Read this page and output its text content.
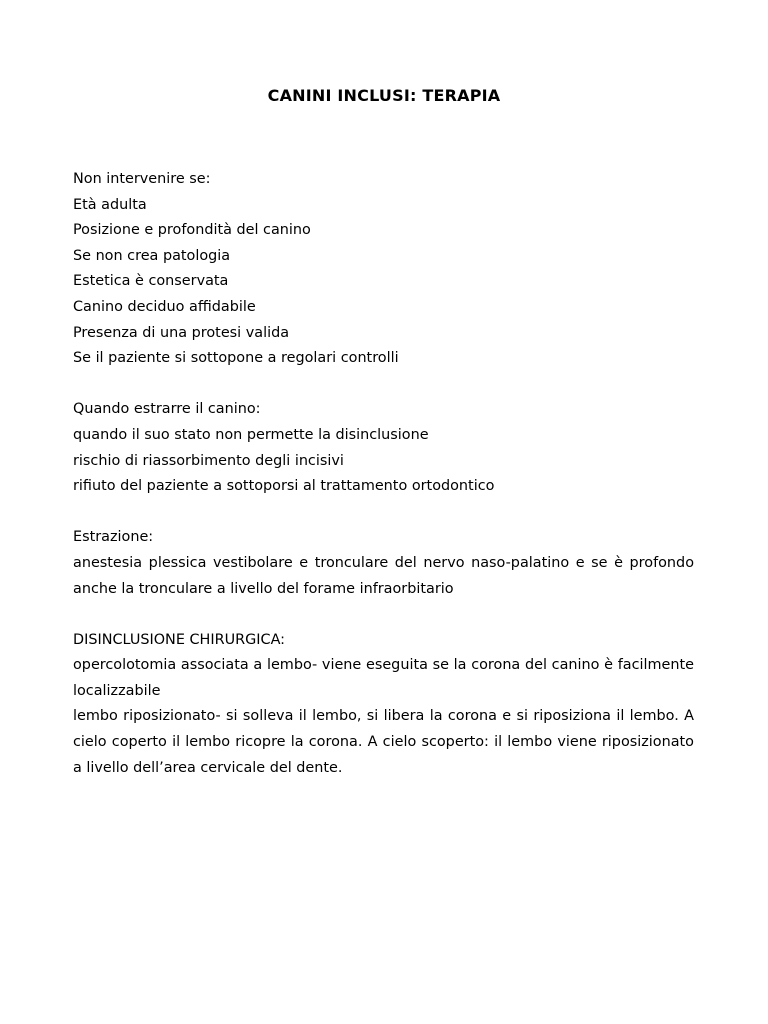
CANINI INCLUSI: TERAPIA
Non intervenire se:
Età adulta
Posizione e profondità del canino
Se non crea patologia
Estetica è conservata
Canino deciduo affidabile
Presenza di una protesi valida
Se il paziente si sottopone a regolari controlli
Quando estrarre il canino:
quando il suo stato non permette la disinclusione
rischio di riassorbimento degli incisivi
rifiuto del paziente a sottoporsi al trattamento ortodontico
Estrazione:
anestesia plessica vestibolare e tronculare del nervo naso-palatino e se è profondo anche la tronculare a livello del forame infraorbitario
DISINCLUSIONE CHIRURGICA:
opercolotomia associata a lembo- viene eseguita se la corona del canino è facilmente localizzabile
lembo riposizionato- si solleva il lembo, si libera la corona e si riposiziona il lembo. A cielo coperto il lembo ricopre la corona. A cielo scoperto: il lembo viene riposizionato a livello dell’area cervicale del dente.
